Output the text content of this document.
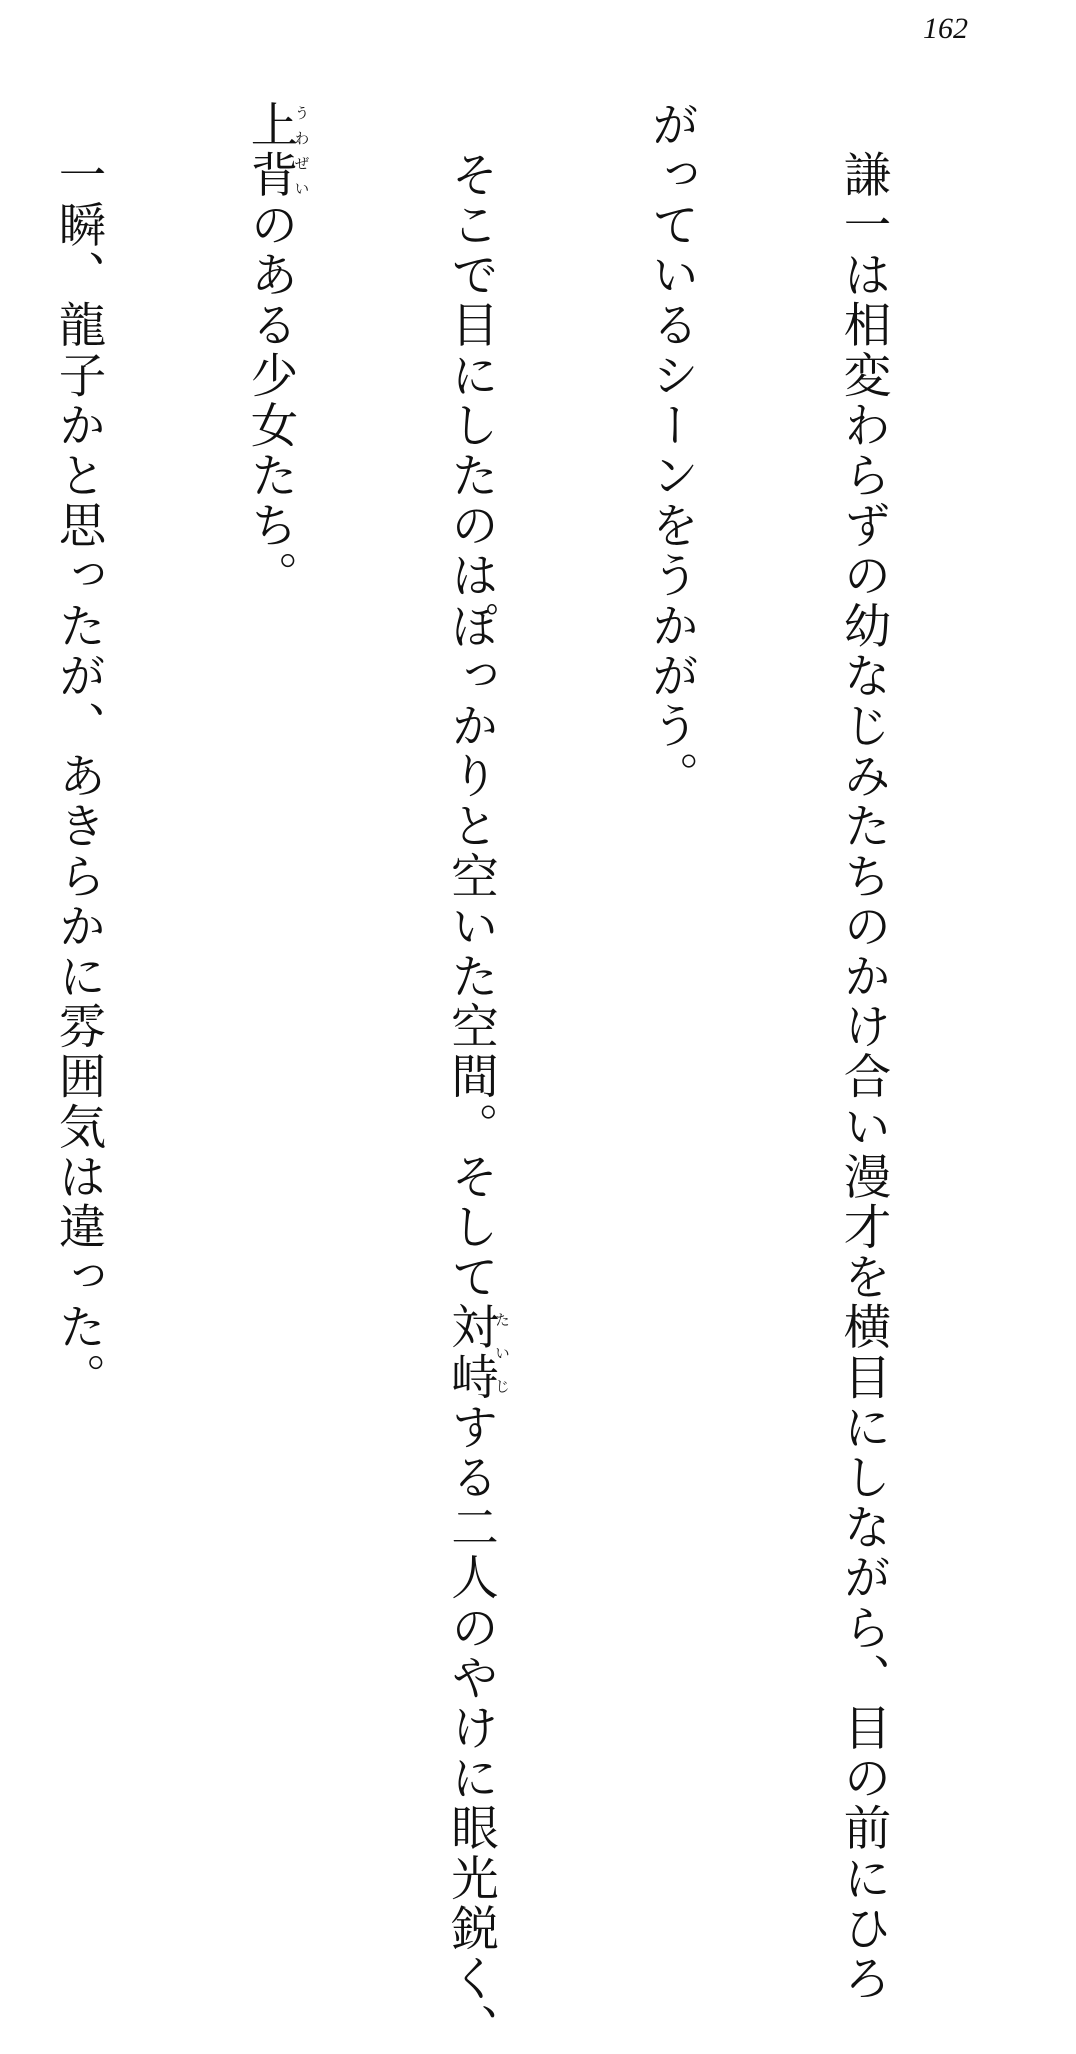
162

　謙一は相変わらずの幼なじみたちのかけ合い漫才を横目にしながら、目の前にひろ

がっているシーンをうかがう。

　そこで目にしたのはぽっかりと空いた空間。そして対峙たいじする二人のやけに眼光鋭く、

上背うわぜいのある少女たち。

　一瞬、龍子かと思ったが、あきらかに雰囲気は違った。
